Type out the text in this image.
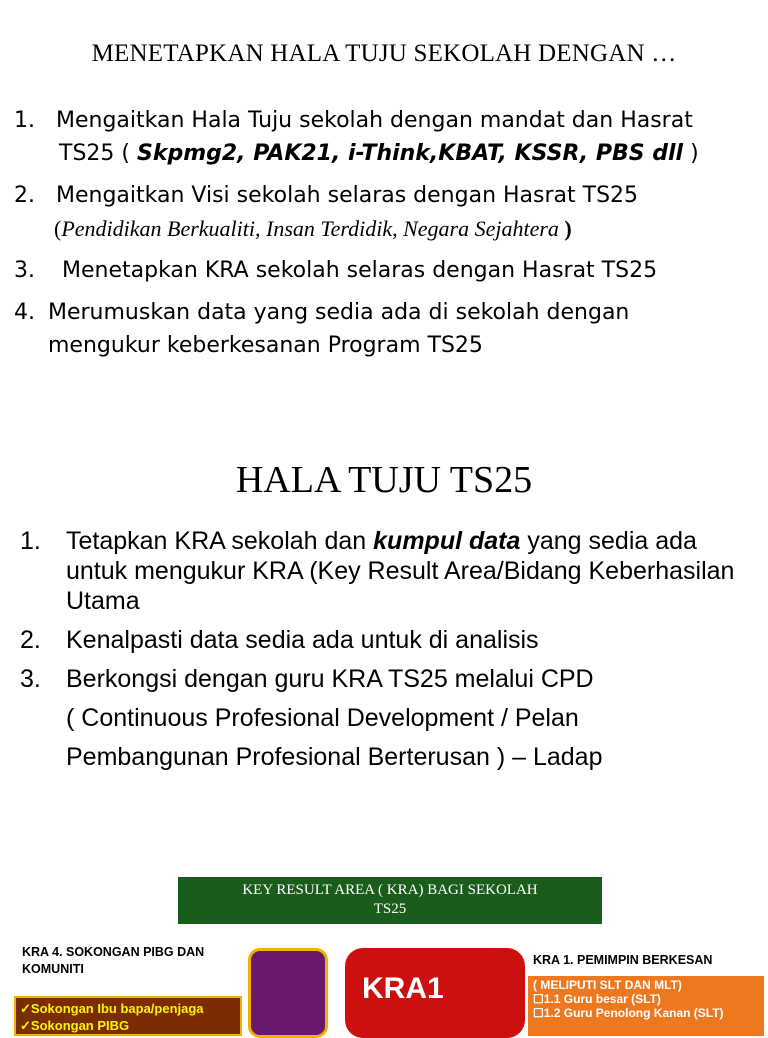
MENETAPKAN HALA TUJU SEKOLAH DENGAN …
1. Mengaitkan Hala Tuju sekolah dengan mandat dan Hasrat
TS25 ( Skpmg2, PAK21, i-Think,KBAT, KSSR, PBS dll )
2. Mengaitkan Visi sekolah selaras dengan Hasrat TS25
(Pendidikan Berkualiti, Insan Terdidik, Negara Sejahtera )
3.	Menetapkan KRA sekolah selaras dengan Hasrat TS25
4. Merumuskan data yang sedia ada di sekolah dengan
mengukur keberkesanan Program TS25
HALA TUJU TS25
1. Tetapkan KRA sekolah dan kumpul data yang sedia ada untuk mengukur KRA (Key Result Area/Bidang Keberhasilan Utama
2. Kenalpasti data sedia ada untuk di analisis
3. Berkongsi dengan guru KRA TS25 melalui CPD
( Continuous Profesional Development / Pelan
Pembangunan Profesional Berterusan ) – Ladap
KEY RESULT AREA ( KRA) BAGI SEKOLAH
TS25
KRA 4. SOKONGAN PIBG DAN KOMUNITI
✓ Sokongan Ibu bapa/penjaga
✓ Sokongan PIBG
KRA1
KRA 1. PEMIMPIN BERKESAN
( MELIPUTI SLT DAN MLT)
☐ 1.1 Guru besar (SLT)
☐ 1.2 Guru Penolong Kanan (SLT)
